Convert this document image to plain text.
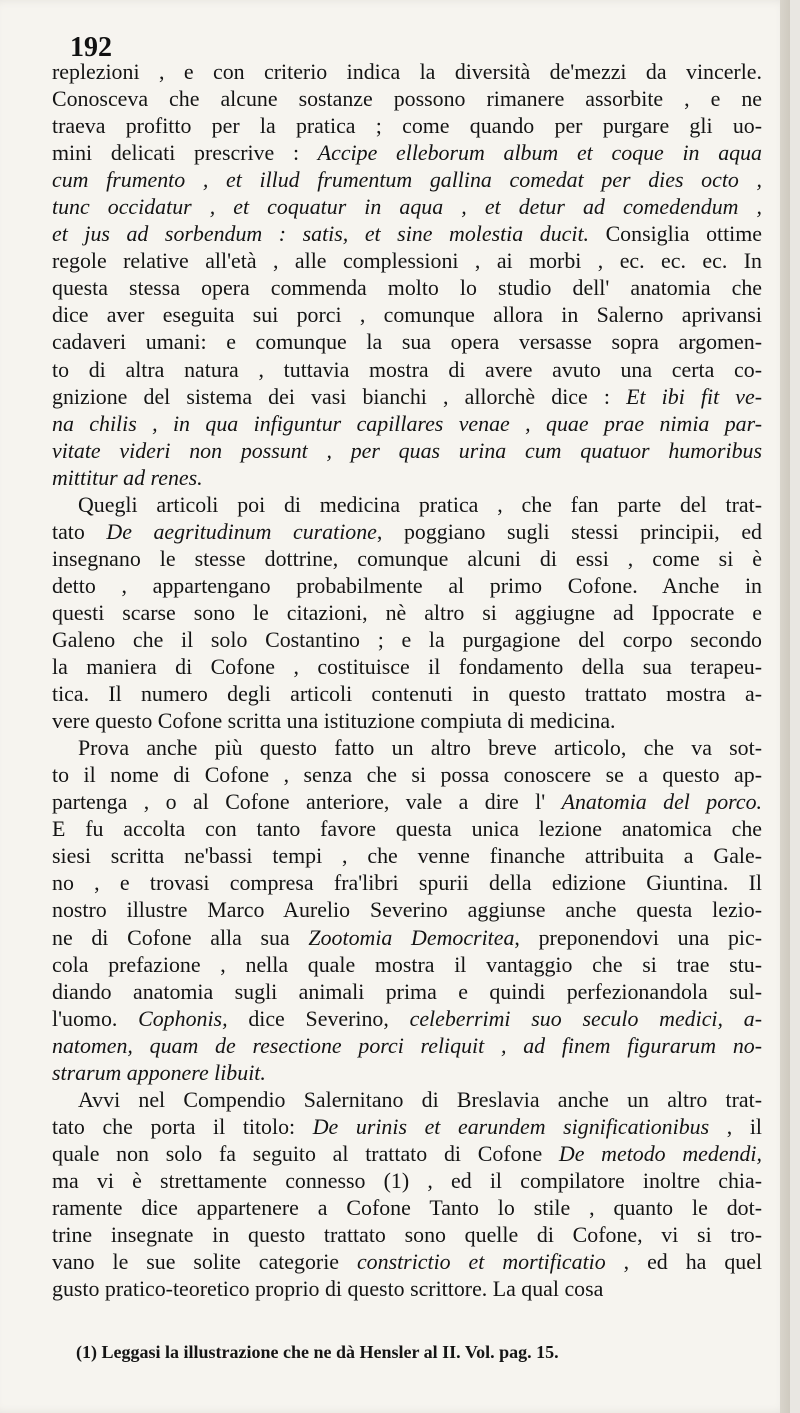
192
replezioni , e con criterio indica la diversità de'mezzi da vincerle.
Conosceva che alcune sostanze possono rimanere assorbite , e ne
traeva profitto per la pratica ; come quando per purgare gli uo-
mini delicati prescrive : Accipe elleborum album et coque in aqua
cum frumento , et illud frumentum gallina comedat per dies octo ,
tunc occidatur , et coquatur in aqua , et detur ad comedendum ,
et jus ad sorbendum : satis, et sine molestia ducit. Consiglia ottime
regole relative all'età , alle complessioni , ai morbi , ec. ec. ec. In
questa stessa opera commenda molto lo studio dell' anatomia che
dice aver eseguita sui porci , comunque allora in Salerno aprivansi
cadaveri umani: e comunque la sua opera versasse sopra argomen-
to di altra natura , tuttavia mostra di avere avuto una certa co-
gnizione del sistema dei vasi bianchi , allorchè dice : Et ibi fit ve-
na chilis , in qua infiguntur capillares venae , quae prae nimia par-
vitate videri non possunt , per quas urina cum quatuor humoribus
mittitur ad renes.
Quegli articoli poi di medicina pratica , che fan parte del trat-
tato De aegritudinum curatione, poggiano sugli stessi principii, ed
insegnano le stesse dottrine, comunque alcuni di essi , come si è
detto , appartengano probabilmente al primo Cofone. Anche in
questi scarse sono le citazioni, nè altro si aggiugne ad Ippocrate e
Galeno che il solo Costantino ; e la purgagione del corpo secondo
la maniera di Cofone , costituisce il fondamento della sua terapeu-
tica. Il numero degli articoli contenuti in questo trattato mostra a-
vere questo Cofone scritta una istituzione compiuta di medicina.
Prova anche più questo fatto un altro breve articolo, che va sot-
to il nome di Cofone , senza che si possa conoscere se a questo ap-
partenga , o al Cofone anteriore, vale a dire l' Anatomia del porco.
E fu accolta con tanto favore questa unica lezione anatomica che
siesi scritta ne'bassi tempi , che venne finanche attribuita a Gale-
no , e trovasi compresa fra'libri spurii della edizione Giuntina. Il
nostro illustre Marco Aurelio Severino aggiunse anche questa lezio-
ne di Cofone alla sua Zootomia Democritea, preponendovi una pic-
cola prefazione , nella quale mostra il vantaggio che si trae stu-
diando anatomia sugli animali prima e quindi perfezionandola sul-
l'uomo. Cophonis, dice Severino, celeberrimi suo seculo medici, a-
natomen, quam de resectione porci reliquit , ad finem figurarum no-
strarum apponere libuit.
Avvi nel Compendio Salernitano di Breslavia anche un altro trat-
tato che porta il titolo: De urinis et earundem significationibus , il
quale non solo fa seguito al trattato di Cofone De metodo medendi,
ma vi è strettamente connesso (1) , ed il compilatore inoltre chia-
ramente dice appartenere a Cofone Tanto lo stile , quanto le dot-
trine insegnate in questo trattato sono quelle di Cofone, vi si tro-
vano le sue solite categorie constrictio et mortificatio , ed ha quel
gusto pratico-teoretico proprio di questo scrittore. La qual cosa
(1) Leggasi la illustrazione che ne dà Hensler al II. Vol. pag. 15.
